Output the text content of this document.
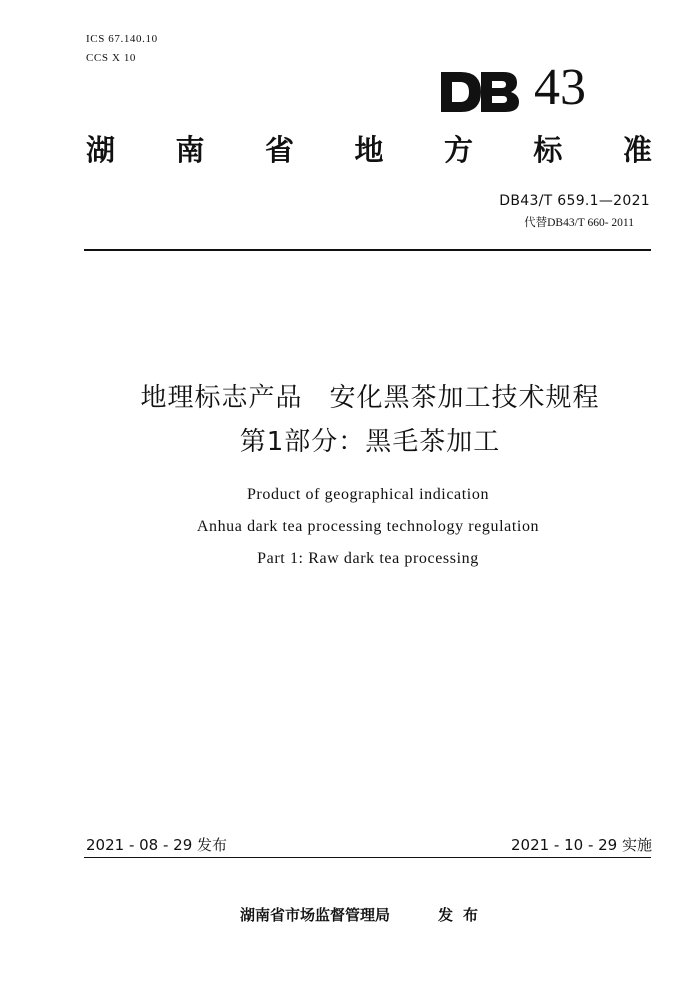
ICS 67.140.10
CCS X 10
43
湖 南 省 地 方 标 准
DB43/T 659.1—2021
代替DB43/T 660- 2011
地理标志产品　安化黑茶加工技术规程
第1部分：黑毛茶加工
Product of geographical indication
Anhua dark tea processing technology regulation
Part 1: Raw dark tea processing
2021 - 08 - 29 发布	2021 - 10 - 29 实施
湖南省市场监督管理局	发布
